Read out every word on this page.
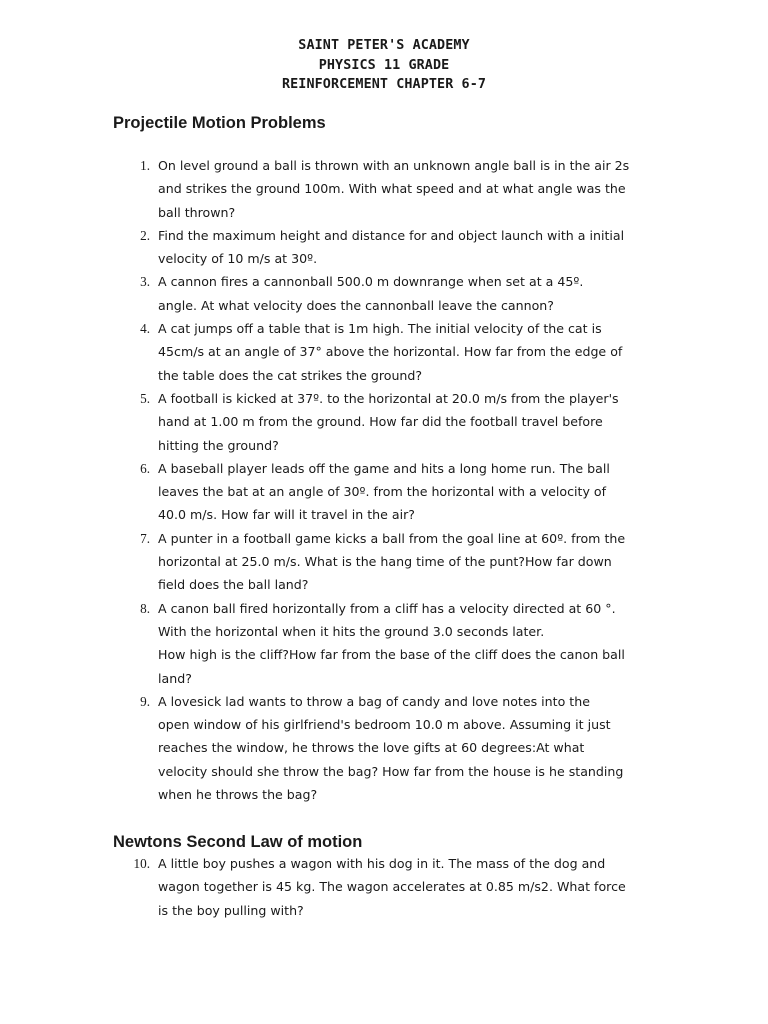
SAINT PETER'S ACADEMY
PHYSICS 11 GRADE
REINFORCEMENT CHAPTER 6-7
Projectile Motion Problems
1. On level ground a ball is thrown with an unknown angle ball is in the air 2s
and strikes the ground 100m. With what speed and at what angle was the
ball thrown?
2. Find the maximum height and distance for and object launch with a initial
velocity of 10 m/s at 30º.
3. A cannon fires a cannonball 500.0 m downrange when set at a 45º.
angle. At what velocity does the cannonball leave the cannon?
4. A cat jumps off a table that is 1m high. The initial velocity of the cat is
45cm/s at an angle of 37° above the horizontal. How far from the edge of
the table does the cat strikes the ground?
5. A football is kicked at 37º. to the horizontal at 20.0 m/s from the player's
hand at 1.00 m from the ground. How far did the football travel before
hitting the ground?
6. A baseball player leads off the game and hits a long home run. The ball
leaves the bat at an angle of 30º. from the horizontal with a velocity of
40.0 m/s. How far will it travel in the air?
7. A punter in a football game kicks a ball from the goal line at 60º. from the
horizontal at 25.0 m/s. What is the hang time of the punt?How far down
field does the ball land?
8. A canon ball fired horizontally from a cliff has a velocity directed at 60 °.
With the horizontal when it hits the ground 3.0 seconds later.
How high is the cliff?How far from the base of the cliff does the canon ball
land?
9. A lovesick lad wants to throw a bag of candy and love notes into the
open window of his girlfriend's bedroom 10.0 m above. Assuming it just
reaches the window, he throws the love gifts at 60 degrees:At what
velocity should she throw the bag? How far from the house is he standing
when he throws the bag?
Newtons Second Law of motion
10. A little boy pushes a wagon with his dog in it. The mass of the dog and
wagon together is 45 kg. The wagon accelerates at 0.85 m/s2. What force
is the boy pulling with?
